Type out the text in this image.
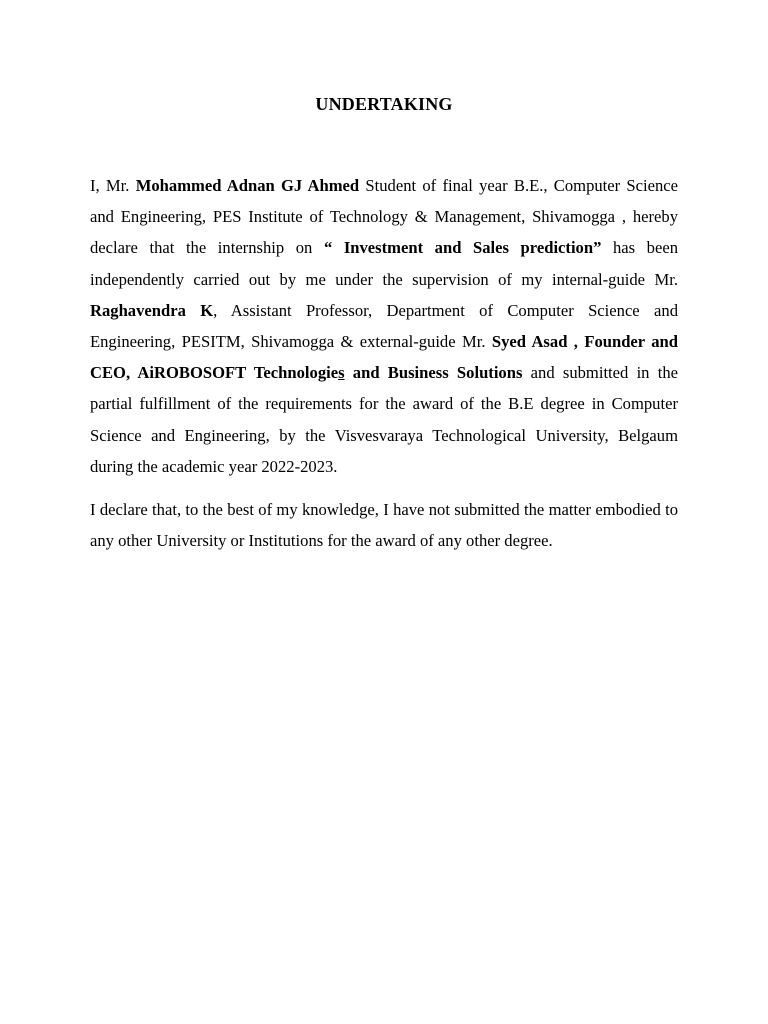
UNDERTAKING

I, Mr. Mohammed Adnan GJ Ahmed Student of final year B.E., Computer Science and Engineering, PES Institute of Technology & Management, Shivamogga , hereby declare that the internship on “ Investment and Sales prediction” has been independently carried out by me under the supervision of my internal-guide Mr. Raghavendra K, Assistant Professor, Department of Computer Science and Engineering, PESITM, Shivamogga & external-guide Mr. Syed Asad , Founder and CEO, AiROBOSOFT Technologies and Business Solutions and submitted in the partial fulfillment of the requirements for the award of the B.E degree in Computer Science and Engineering, by the Visvesvaraya Technological University, Belgaum during the academic year 2022-2023.

I declare that, to the best of my knowledge, I have not submitted the matter embodied to any other University or Institutions for the award of any other degree.
